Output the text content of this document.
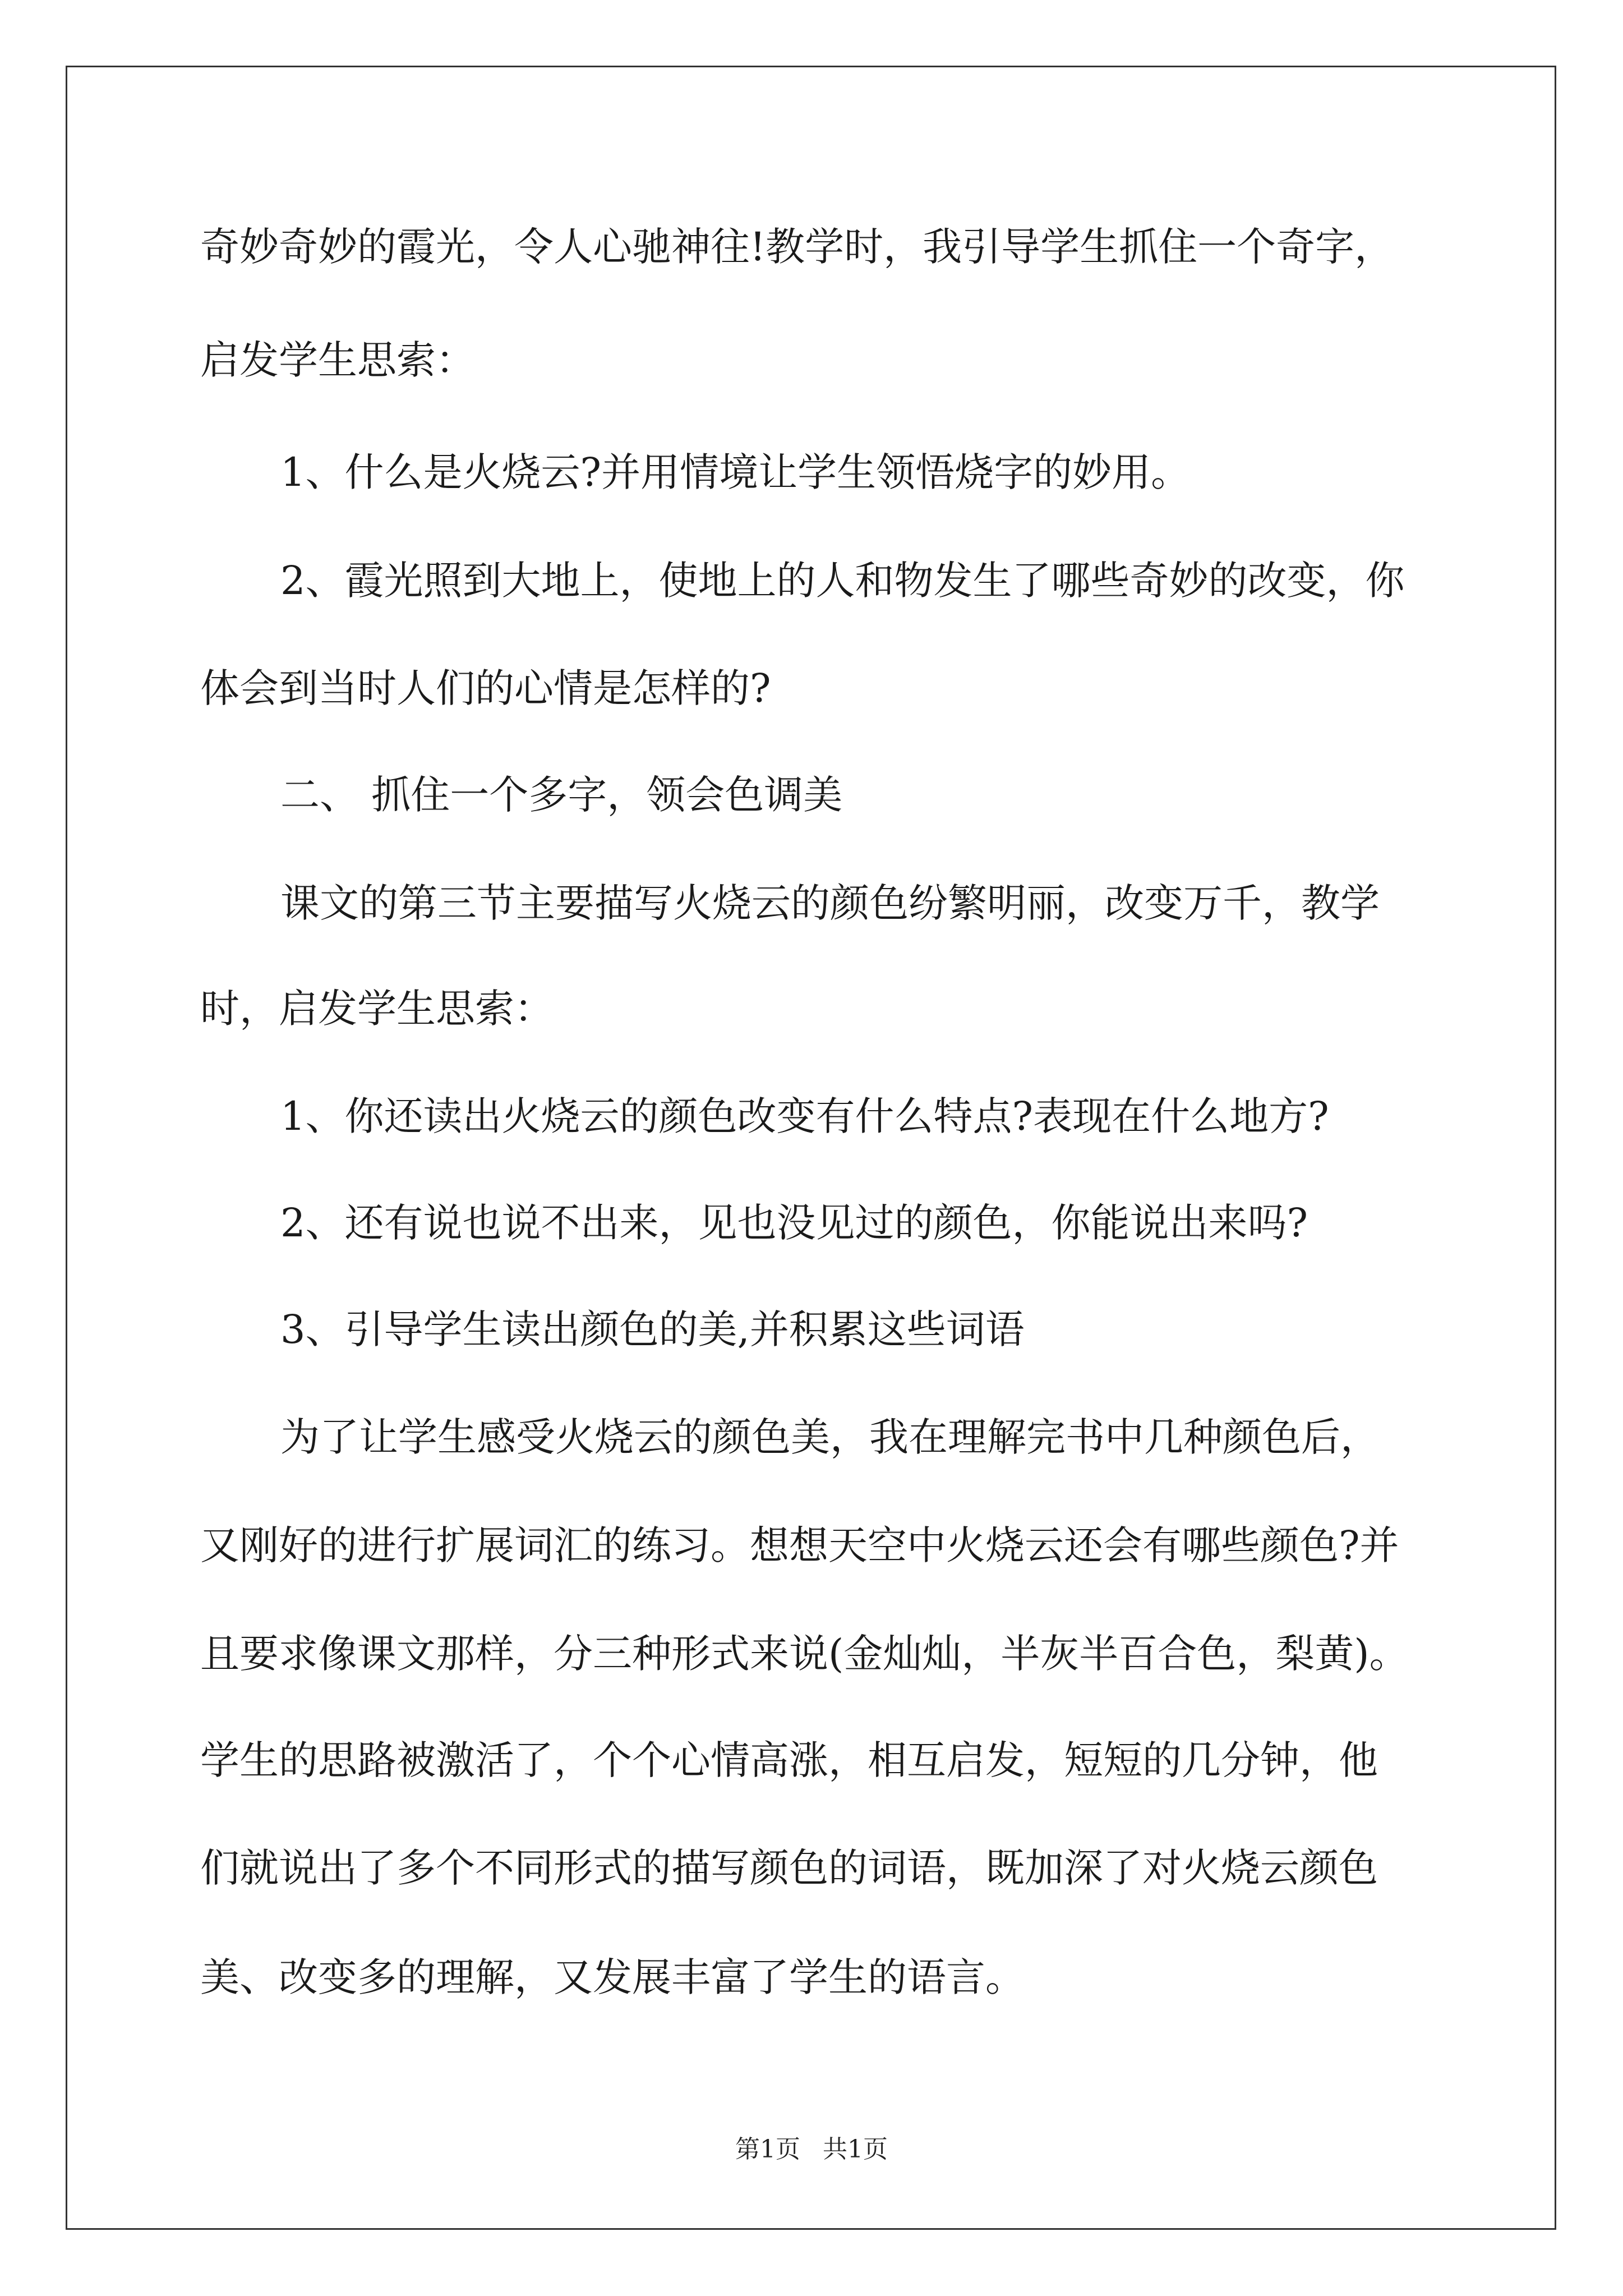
奇妙奇妙的霞光，令人心驰神往!教学时，我引导学生抓住一个奇字，
启发学生思索：
1、什么是火烧云?并用情境让学生领悟烧字的妙用。
2、霞光照到大地上，使地上的人和物发生了哪些奇妙的改变，你
体会到当时人们的心情是怎样的?
二、 抓住一个多字，领会色调美
课文的第三节主要描写火烧云的颜色纷繁明丽，改变万千，教学
时，启发学生思索：
1、你还读出火烧云的颜色改变有什么特点?表现在什么地方?
2、还有说也说不出来，见也没见过的颜色，你能说出来吗?
3、引导学生读出颜色的美,并积累这些词语
为了让学生感受火烧云的颜色美，我在理解完书中几种颜色后，
又刚好的进行扩展词汇的练习。想想天空中火烧云还会有哪些颜色?并
且要求像课文那样，分三种形式来说(金灿灿，半灰半百合色，梨黄)。
学生的思路被激活了，个个心情高涨，相互启发，短短的几分钟，他
们就说出了多个不同形式的描写颜色的词语，既加深了对火烧云颜色
美、改变多的理解，又发展丰富了学生的语言。
第1页 共1页
